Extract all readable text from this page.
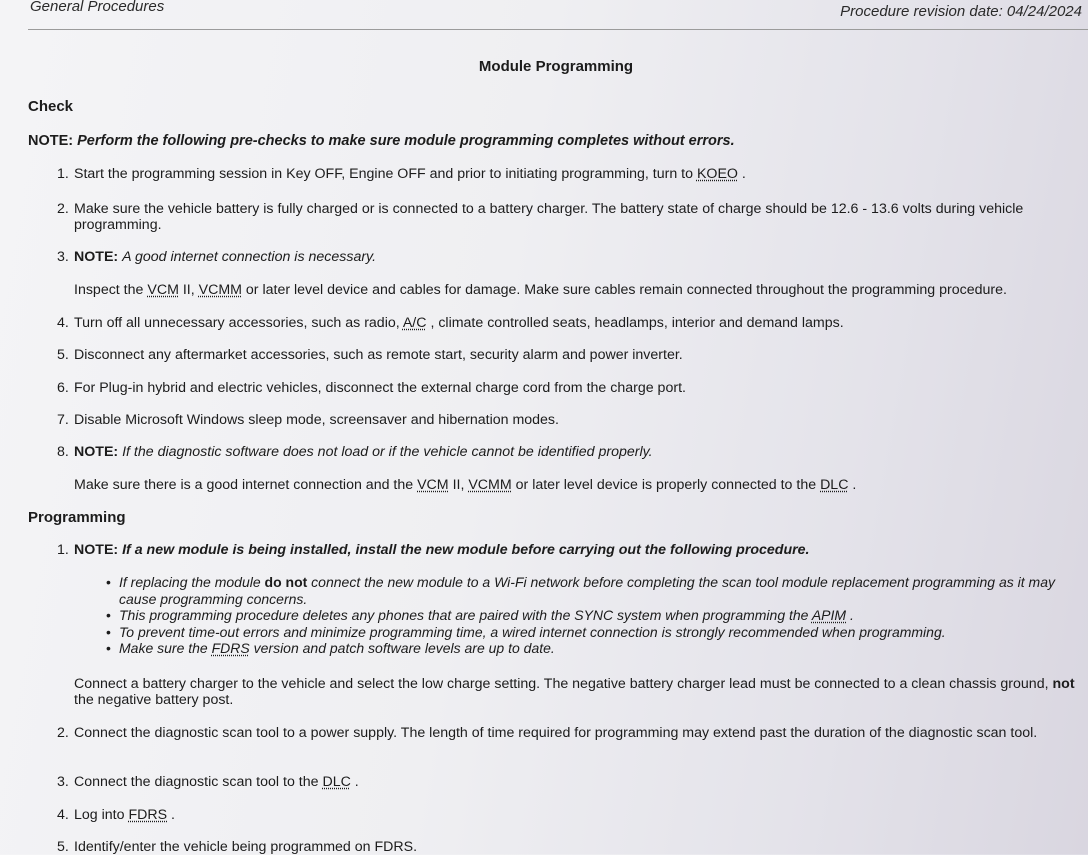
General Procedures	Procedure revision date: 04/24/2024
Module Programming
Check
NOTE: Perform the following pre-checks to make sure module programming completes without errors.
1. Start the programming session in Key OFF, Engine OFF and prior to initiating programming, turn to KOEO .
2. Make sure the vehicle battery is fully charged or is connected to a battery charger. The battery state of charge should be 12.6 - 13.6 volts during vehicle programming.
3. NOTE: A good internet connection is necessary.
Inspect the VCM II, VCMM or later level device and cables for damage. Make sure cables remain connected throughout the programming procedure.
4. Turn off all unnecessary accessories, such as radio, A/C , climate controlled seats, headlamps, interior and demand lamps.
5. Disconnect any aftermarket accessories, such as remote start, security alarm and power inverter.
6. For Plug-in hybrid and electric vehicles, disconnect the external charge cord from the charge port.
7. Disable Microsoft Windows sleep mode, screensaver and hibernation modes.
8. NOTE: If the diagnostic software does not load or if the vehicle cannot be identified properly.
Make sure there is a good internet connection and the VCM II, VCMM or later level device is properly connected to the DLC .
Programming
1. NOTE: If a new module is being installed, install the new module before carrying out the following procedure.
• If replacing the module do not connect the new module to a Wi-Fi network before completing the scan tool module replacement programming as it may cause programming concerns.
• This programming procedure deletes any phones that are paired with the SYNC system when programming the APIM .
• To prevent time-out errors and minimize programming time, a wired internet connection is strongly recommended when programming.
• Make sure the FDRS version and patch software levels are up to date.
Connect a battery charger to the vehicle and select the low charge setting. The negative battery charger lead must be connected to a clean chassis ground, not the negative battery post.
2. Connect the diagnostic scan tool to a power supply. The length of time required for programming may extend past the duration of the diagnostic scan tool.
3. Connect the diagnostic scan tool to the DLC .
4. Log into FDRS .
5. Identify/enter the vehicle being programmed on FDRS.
